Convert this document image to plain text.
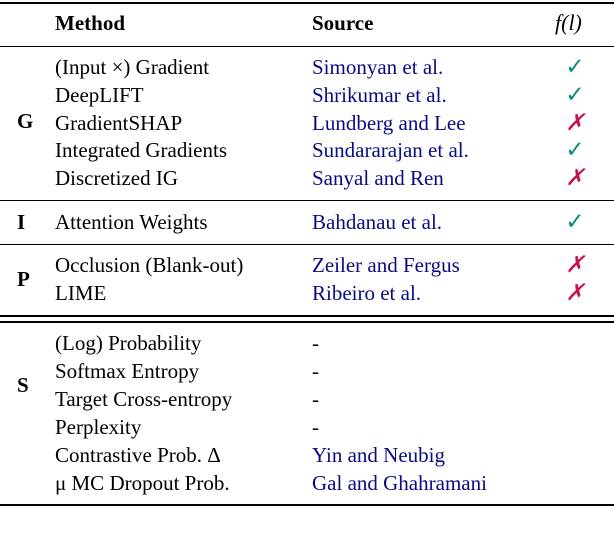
Method	Source	f(l)
G
(Input ×) Gradient	Simonyan et al.	✓
DeepLIFT	Shrikumar et al.	✓
GradientSHAP	Lundberg and Lee	✗
Integrated Gradients	Sundararajan et al.	✓
Discretized IG	Sanyal and Ren	✗
I Attention Weights	Bahdanau et al.	✓
P
Occlusion (Blank-out)	Zeiler and Fergus	✗
LIME	Ribeiro et al.	✗
S
(Log) Probability	-
Softmax Entropy	-
Target Cross-entropy	-
Perplexity	-
Contrastive Prob. Δ	Yin and Neubig
μ MC Dropout Prob.	Gal and Ghahramani
